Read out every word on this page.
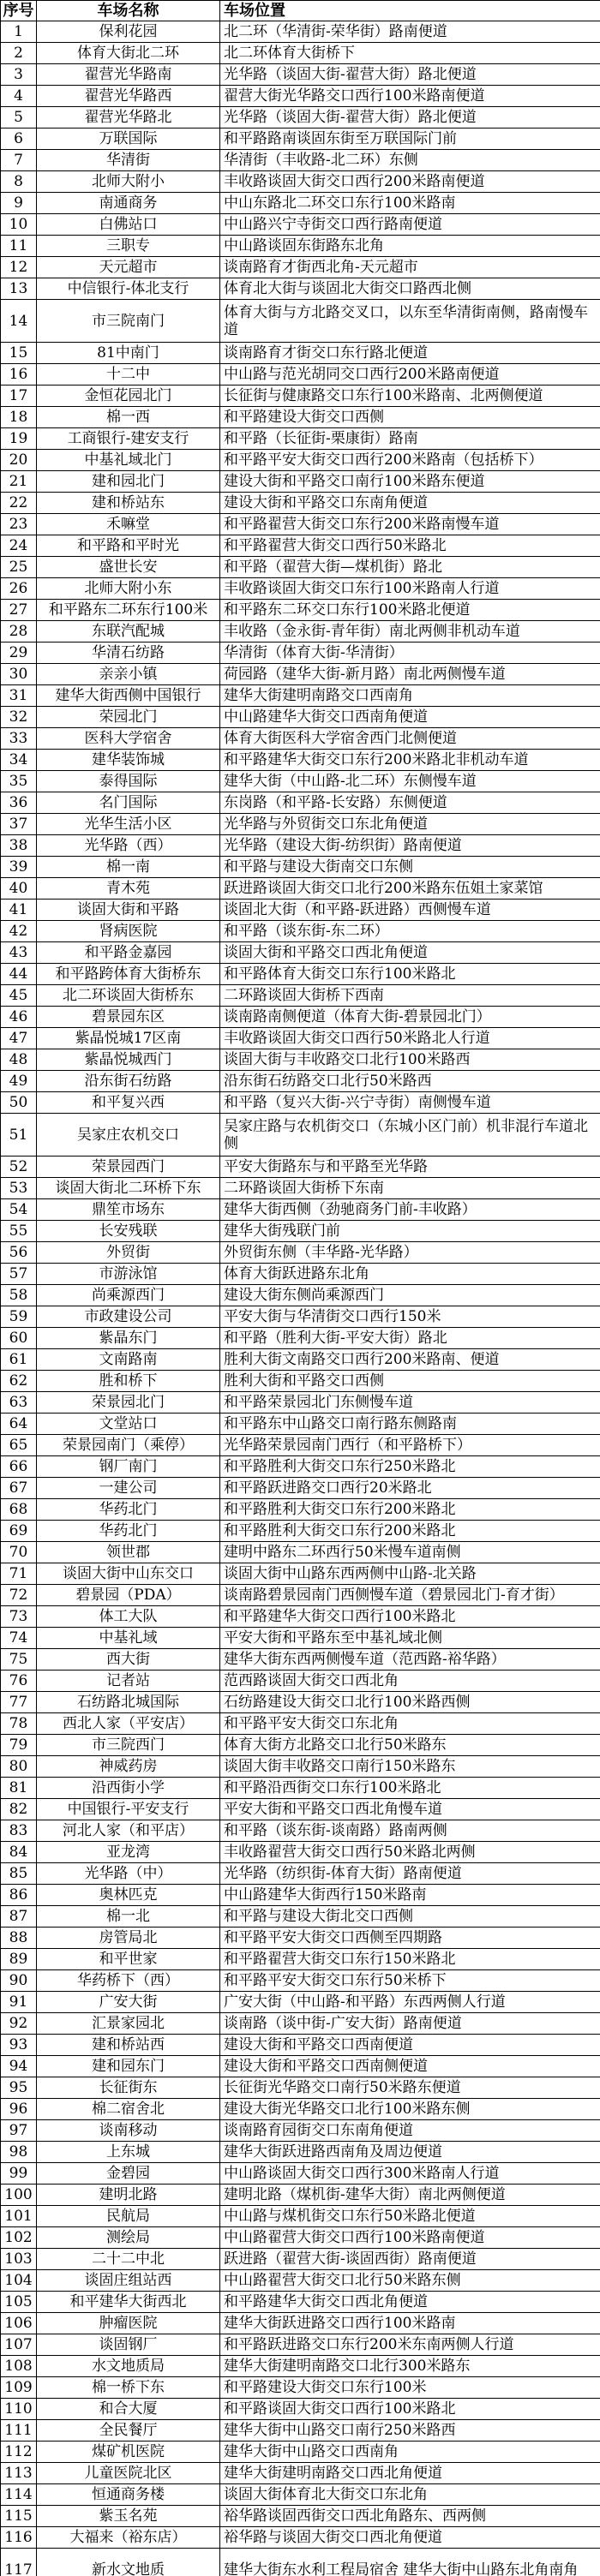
序号	车场名称	车场位置
1	保利花园	北二环（华清街-荣华街）路南便道
2	体育大街北二环	北二环体育大街桥下
3	翟营光华路南	光华路（谈固大街-翟营大街）路北便道
4	翟营光华路西	翟营大街光华路交口西行100米路南便道
5	翟营光华路北	光华路（谈固大街-翟营大街）路北便道
6	万联国际	和平路路南谈固东街至万联国际门前
7	华清街	华清街（丰收路-北二环）东侧
8	北师大附小	丰收路谈固大街交口西行200米路南便道
9	南通商务	中山东路北二环交口东行100米路南
10	白佛站口	中山路兴宁寺街交口西行路南便道
11	三职专	中山路谈固东街路东北角
12	天元超市	谈南路育才街西北角-天元超市
13	中信银行-体北支行	体育北大街与谈固北大街交口路西北侧
14	市三院南门	体育大街与方北路交叉口，以东至华清街南侧，路南慢车道
15	81中南门	谈南路育才街交口东行路北便道
16	十二中	中山路与范光胡同交口西行200米路南便道
17	金恒花园北门	长征街与健康路交口东行100米路南、北两侧便道
18	棉一西	和平路建设大街交口西侧
19	工商银行-建安支行	和平路（长征街-栗康街）路南
20	中基礼域北门	和平路平安大街交口西行200米路南（包括桥下）
21	建和园北门	建设大街和平路交口南行100米路东便道
22	建和桥站东	建设大街和平路交口东南角便道
23	禾嘛堂	和平路翟营大街交口东行200米路南慢车道
24	和平路和平时光	和平路翟营大街交口西行50米路北
25	盛世长安	和平路（翟营大街—煤机街）路北
26	北师大附小东	丰收路谈固大街交口东行100米路南人行道
27	和平路东二环东行100米	和平路东二环交口东行100米路北便道
28	东联汽配城	丰收路（金永街-青年街）南北两侧非机动车道
29	华清石纺路	华清街（体育大街-华清街）
30	亲亲小镇	荷园路（建华大街-新月路）南北两侧慢车道
31	建华大街西侧中国银行	建华大街建明南路交口西南角
32	荣园北门	中山路建华大街交口西南角便道
33	医科大学宿舍	体育大街医科大学宿舍西门北侧便道
34	建华装饰城	和平路建华大街交口东行200米路北非机动车道
35	泰得国际	建华大街（中山路-北二环）东侧慢车道
36	名门国际	东岗路（和平路-长安路）东侧便道
37	光华生活小区	光华路与外贸街交口东北角便道
38	光华路（西）	光华路（建设大街-纺织街）路南便道
39	棉一南	和平路与建设大街南交口东侧
40	青木苑	跃进路谈固大街交口北行200米路东伍姐土家菜馆
41	谈固大街和平路	谈固北大街（和平路-跃进路）西侧慢车道
42	肾病医院	和平路（谈东街-东二环）
43	和平路金嘉园	谈固大街和平路交口西北角便道
44	和平路跨体育大街桥东	和平路体育大街交口东行100米路北
45	北二环谈固大街桥东	二环路谈固大街桥下西南
46	碧景园东区	谈南路南侧便道（体育大街-碧景园北门）
47	紫晶悦城17区南	丰收路谈固大街交口西行50米路北人行道
48	紫晶悦城西门	谈固大街与丰收路交口北行100米路西
49	沿东街石纺路	沿东街石纺路交口北行50米路西
50	和平复兴西	和平路（复兴大街-兴宁寺街）南侧慢车道
51	吴家庄农机交口	吴家庄路与农机街交口（东城小区门前）机非混行车道北侧
52	荣景园西门	平安大街路东与和平路至光华路
53	谈固大街北二环桥下东	二环路谈固大街桥下东南
54	鼎笙市场东	建华大街西侧（劲驰商务门前-丰收路）
55	长安残联	建华大街残联门前
56	外贸街	外贸街东侧（丰华路-光华路）
57	市游泳馆	体育大街跃进路东北角
58	尚乘源西门	建设大街东侧尚乘源西门
59	市政建设公司	平安大街与华清街交口西行150米
60	紫晶东门	和平路（胜利大街-平安大街）路北
61	文南路南	胜利大街文南路交口西行200米路南、便道
62	胜和桥下	胜利大街和平路交口西侧
63	荣景园北门	和平路荣景园北门东侧慢车道
64	文堂站口	和平路东中山路交口南行路东侧路南
65	荣景园南门（乘停）	光华路荣景园南门西行（和平路桥下）
66	钢厂南门	和平路胜利大街交口东行250米路北
67	一建公司	和平路跃进路交口西行20米路北
68	华药北门	和平路胜利大街交口东行200米路北
69	华药北门	和平路胜利大街交口东行200米路北
70	领世郡	建明中路东二环西行50米慢车道南侧
71	谈固大街中山东交口	谈固大街中山路东西两侧中山路-北关路
72	碧景园（PDA）	谈南路碧景园南门西侧慢车道（碧景园北门-育才街）
73	体工大队	和平路建华大街交口西行100米路北
74	中基礼域	平安大街和平路东至中基礼域北侧
75	西大街	建华大街东西两侧慢车道（范西路-裕华路）
76	记者站	范西路谈固大街交口西北角
77	石纺路北城国际	石纺路建设大街交口北行100米路西侧
78	西北人家（平安店）	和平路平安大街交口东北角
79	市三院西门	体育大街方北路交口北行50米路东
80	神威药房	谈固大街丰收路交口南行150米路东
81	沿西街小学	和平路沿西街交口东行100米路北
82	中国银行-平安支行	平安大街和平路交口西北角慢车道
83	河北人家（和平店）	和平路（谈东街-谈南路）路南两侧
84	亚龙湾	丰收路翟营大街交口西行50米路北两侧
85	光华路（中）	光华路（纺织街-体育大街）路南便道
86	奥林匹克	中山路建华大街西行150米路南
87	棉一北	和平路与建设大街北交口西侧
88	房管局北	和平路平安大街交口西侧至四期路
89	和平世家	和平路翟营大街交口东行150米路北
90	华药桥下（西）	和平路平安大街交口东行50米桥下
91	广安大街	广安大街（中山路-和平路）东西两侧人行道
92	汇景家园北	谈南路（谈中街-广安大街）路南便道
93	建和桥站西	建设大街和平路交口西南便道
94	建和园东门	建设大街和平路交口西南侧便道
95	长征街东	长征街光华路交口南行50米路东便道
96	棉二宿舍北	建设大街光华路交口北行100米路东侧
97	谈南移动	谈南路育园街交口东南角便道
98	上东城	建华大街跃进路西南角及周边便道
99	金碧园	中山路谈固大街交口西行300米路南人行道
100	建明北路	建明北路（煤机街-建华大街）南北两侧便道
101	民航局	中山路与煤机街交口东行50米路北便道
102	测绘局	中山路翟营大街交口西行100米路南便道
103	二十二中北	跃进路（翟营大街-谈固西街）路南便道
104	谈固庄组站西	中山路翟营大街交口北行50米路东侧
105	和平建华大街西北	和平路建华大街交口西北角便道
106	肿瘤医院	建华大街跃进路交口西行100米路南
107	谈固钢厂	和平路跃进路交口东行200米东南两侧人行道
108	水文地质局	建华大街建明南路交口北行300米路东
109	棉一桥下东	和平路建设大街交口东行100米
110	和合大厦	和平路谈固大街交口西行100米路北
111	全民餐厅	建华大街中山路交口南行250米路西
112	煤矿机医院	建华大街中山路交口西南角
113	儿童医院北区	建华大街建明南路交口西北角便道
114	恒通商务楼	谈固大街体育北大街交口东北角
115	紫玉名苑	裕华路谈固西街交口西北角路东、西两侧
116	大福来（裕东店）	裕华路与谈固大街交口西北角便道
117	新水文地质	建华大街东水利工程局宿舍 建华大街中山路东北角南角
